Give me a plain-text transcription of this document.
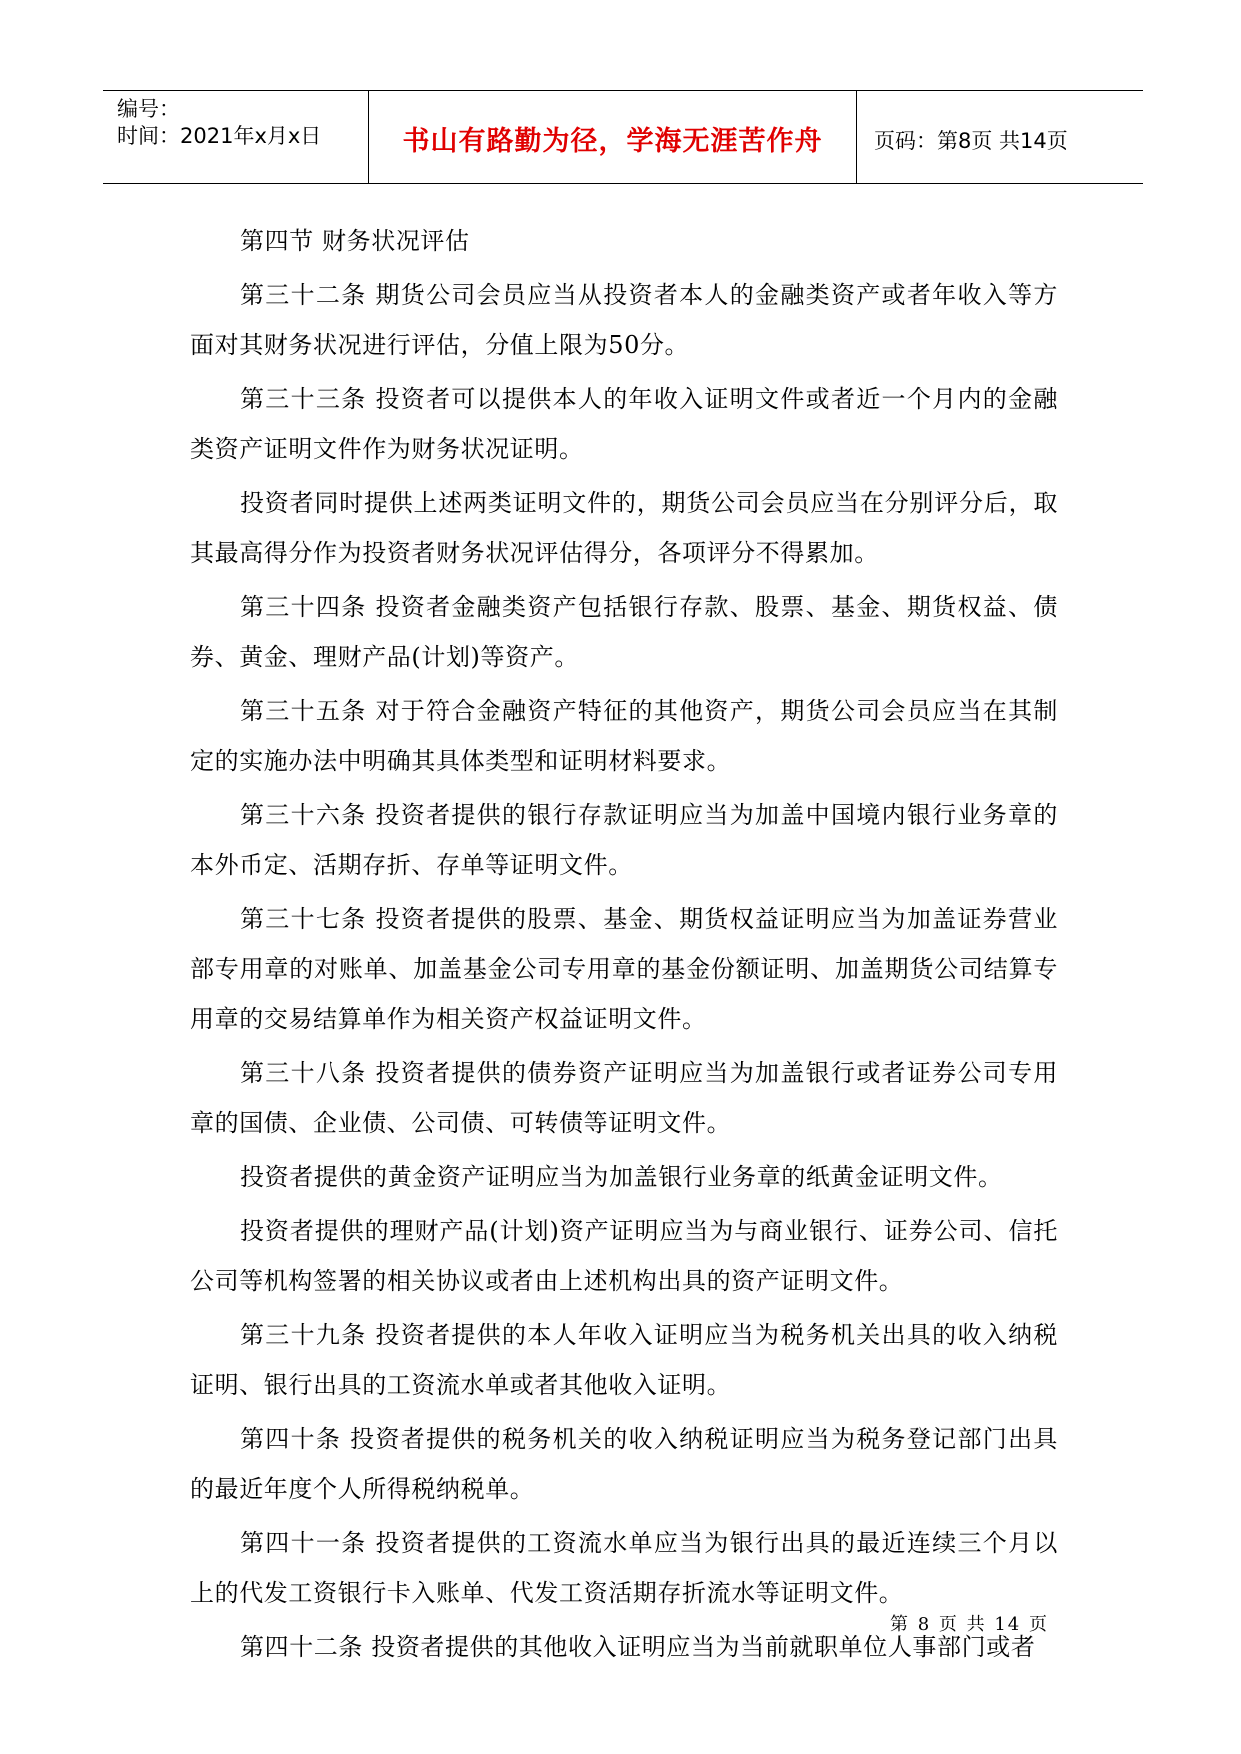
编号：
时间：2021年x月x日	书山有路勤为径，学海无涯苦作舟	页码：第8页 共14页

第四节 财务状况评估

第三十二条 期货公司会员应当从投资者本人的金融类资产或者年收入等方面对其财务状况进行评估，分值上限为50分。

第三十三条 投资者可以提供本人的年收入证明文件或者近一个月内的金融类资产证明文件作为财务状况证明。

投资者同时提供上述两类证明文件的，期货公司会员应当在分别评分后，取其最高得分作为投资者财务状况评估得分，各项评分不得累加。

第三十四条 投资者金融类资产包括银行存款、股票、基金、期货权益、债券、黄金、理财产品(计划)等资产。

第三十五条 对于符合金融资产特征的其他资产，期货公司会员应当在其制定的实施办法中明确其具体类型和证明材料要求。

第三十六条 投资者提供的银行存款证明应当为加盖中国境内银行业务章的本外币定、活期存折、存单等证明文件。

第三十七条 投资者提供的股票、基金、期货权益证明应当为加盖证券营业部专用章的对账单、加盖基金公司专用章的基金份额证明、加盖期货公司结算专用章的交易结算单作为相关资产权益证明文件。

第三十八条 投资者提供的债券资产证明应当为加盖银行或者证券公司专用章的国债、企业债、公司债、可转债等证明文件。

投资者提供的黄金资产证明应当为加盖银行业务章的纸黄金证明文件。

投资者提供的理财产品(计划)资产证明应当为与商业银行、证券公司、信托公司等机构签署的相关协议或者由上述机构出具的资产证明文件。

第三十九条 投资者提供的本人年收入证明应当为税务机关出具的收入纳税证明、银行出具的工资流水单或者其他收入证明。

第四十条 投资者提供的税务机关的收入纳税证明应当为税务登记部门出具的最近年度个人所得税纳税单。

第四十一条 投资者提供的工资流水单应当为银行出具的最近连续三个月以上的代发工资银行卡入账单、代发工资活期存折流水等证明文件。

第四十二条 投资者提供的其他收入证明应当为当前就职单位人事部门或者

第 8 页 共 14 页
